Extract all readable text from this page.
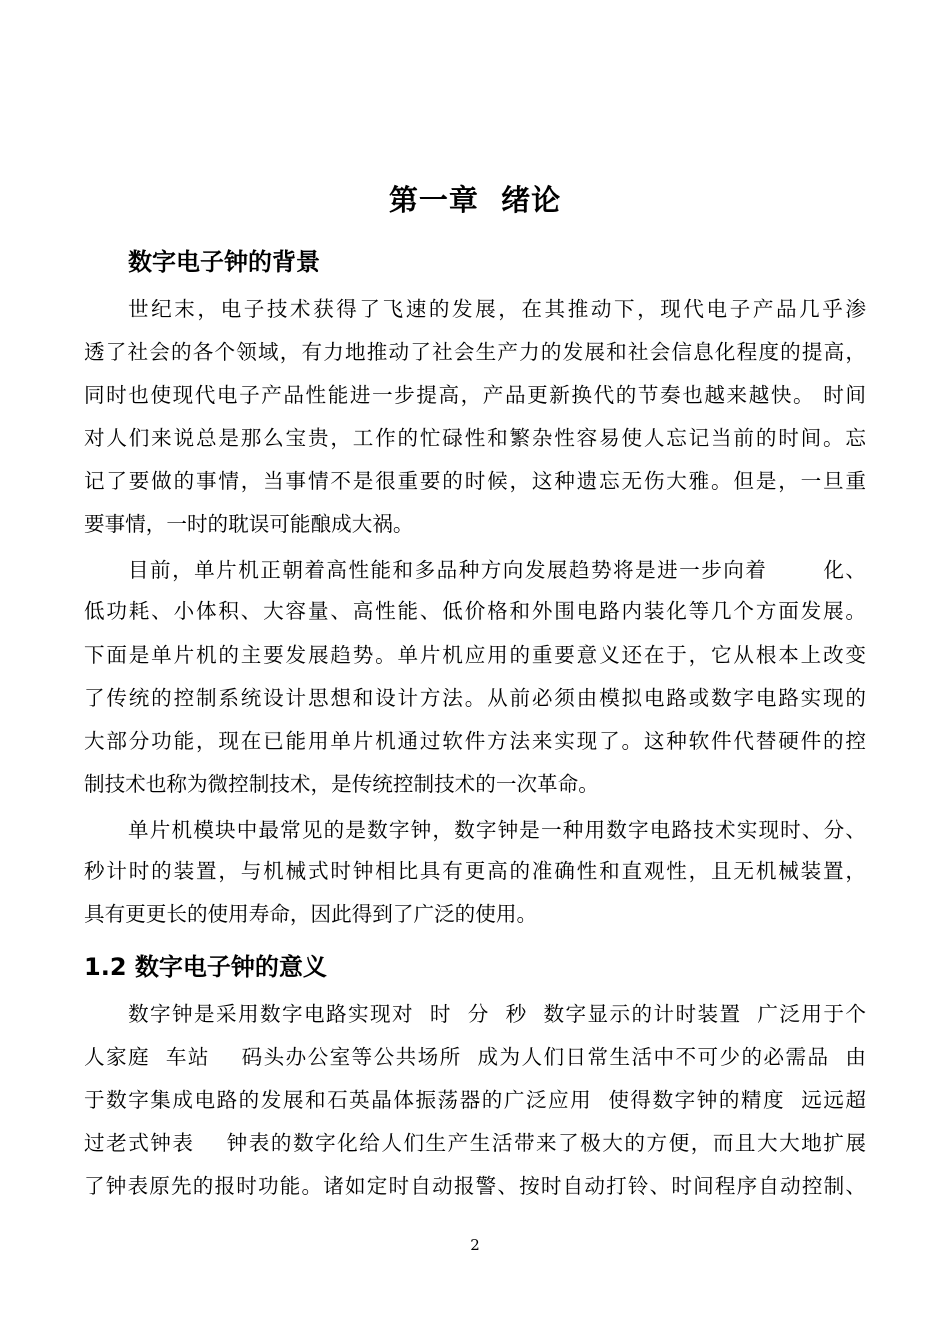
第一章  绪论
数字电子钟的背景
世纪末，电子技术获得了飞速的发展，在其推动下，现代电子产品几乎渗
透了社会的各个领域，有力地推动了社会生产力的发展和社会信息化程度的提高，
同时也使现代电子产品性能进一步提高，产品更新换代的节奏也越来越快。 时间
对人们来说总是那么宝贵，工作的忙碌性和繁杂性容易使人忘记当前的时间。忘
记了要做的事情，当事情不是很重要的时候，这种遗忘无伤大雅。但是，一旦重
要事情，一时的耽误可能酿成大祸。
目前，单片机正朝着高性能和多品种方向发展趋势将是进一步向着       化、
低功耗、小体积、大容量、高性能、低价格和外围电路内装化等几个方面发展。
下面是单片机的主要发展趋势。单片机应用的重要意义还在于，它从根本上改变
了传统的控制系统设计思想和设计方法。从前必须由模拟电路或数字电路实现的
大部分功能，现在已能用单片机通过软件方法来实现了。这种软件代替硬件的控
制技术也称为微控制技术，是传统控制技术的一次革命。
单片机模块中最常见的是数字钟，数字钟是一种用数字电路技术实现时、分、
秒计时的装置，与机械式时钟相比具有更高的准确性和直观性，且无机械装置，
具有更更长的使用寿命，因此得到了广泛的使用。
1.2 数字电子钟的意义
数字钟是采用数字电路实现对  时  分  秒  数字显示的计时装置  广泛用于个
人家庭  车站    码头办公室等公共场所  成为人们日常生活中不可少的必需品  由
于数字集成电路的发展和石英晶体振荡器的广泛应用  使得数字钟的精度  远远超
过老式钟表    钟表的数字化给人们生产生活带来了极大的方便，而且大大地扩展
了钟表原先的报时功能。诸如定时自动报警、按时自动打铃、时间程序自动控制、
2
